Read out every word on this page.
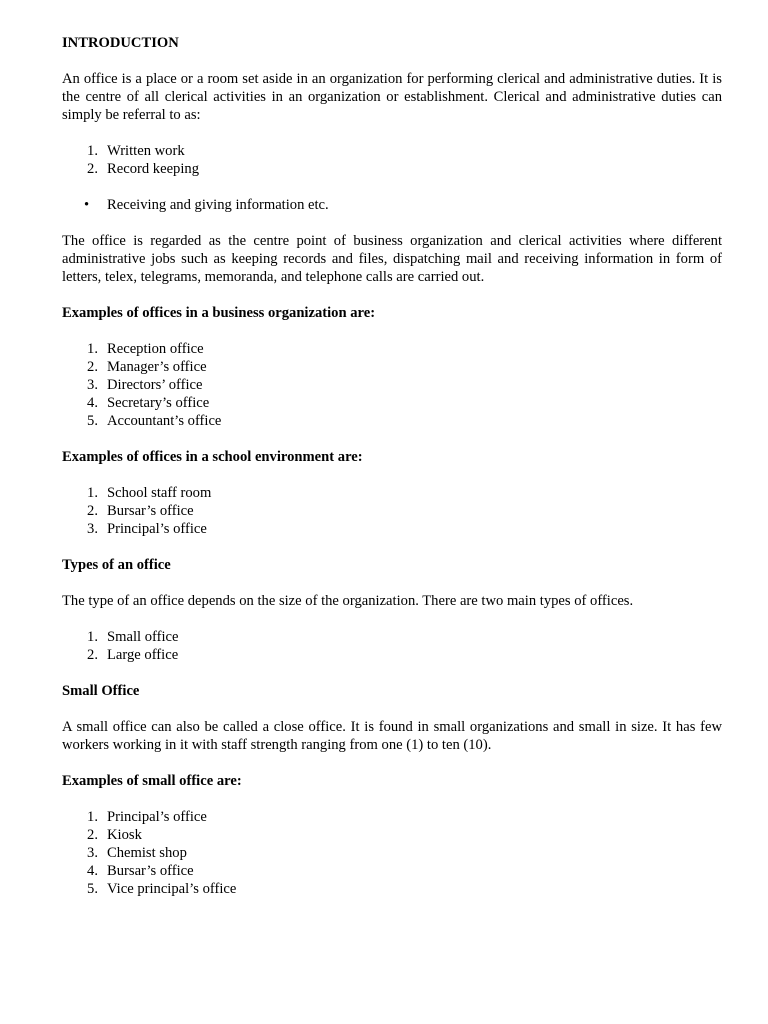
INTRODUCTION

An office is a place or a room set aside in an organization for performing clerical and administrative duties. It is the centre of all clerical activities in an organization or establishment. Clerical and administrative duties can simply be referral to as:

1. Written work
2. Record keeping
• Receiving and giving information etc.

The office is regarded as the centre point of business organization and clerical activities where different administrative jobs such as keeping records and files, dispatching mail and receiving information in form of letters, telex, telegrams, memoranda, and telephone calls are carried out.

Examples of offices in a business organization are:
1. Reception office
2. Manager’s office
3. Directors’ office
4. Secretary’s office
5. Accountant’s office
Examples of offices in a school environment are:
1. School staff room
2. Bursar’s office
3. Principal’s office
Types of an office

The type of an office depends on the size of the organization. There are two main types of offices.

1. Small office
2. Large office
Small Office

A small office can also be called a close office. It is found in small organizations and small in size. It has few workers working in it with staff strength ranging from one (1) to ten (10).

Examples of small office are:
1. Principal’s office
2. Kiosk
3. Chemist shop
4. Bursar’s office
5. Vice principal’s office
